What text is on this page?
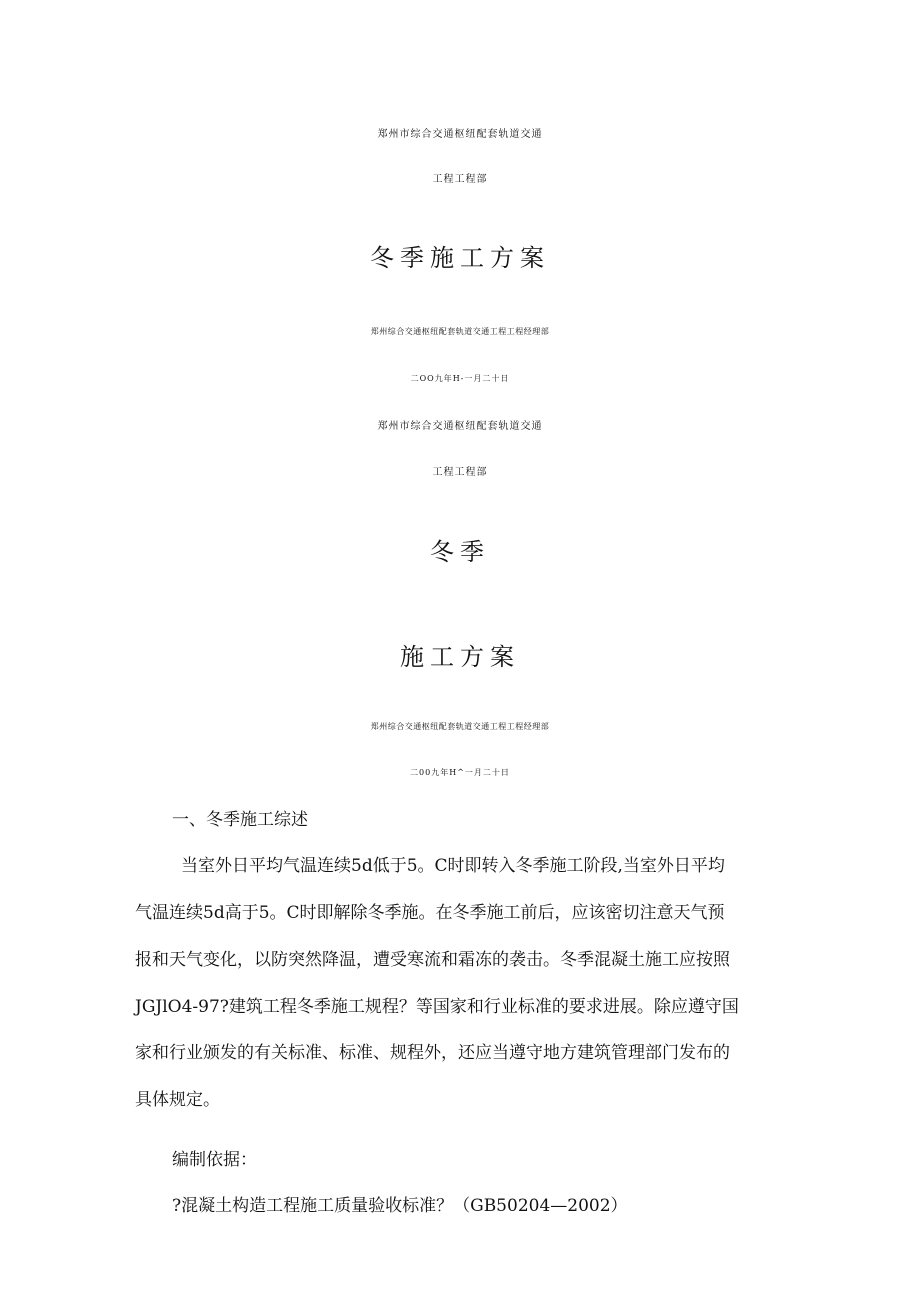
郑州市综合交通枢纽配套轨道交通
工程工程部
冬季施工方案
郑州综合交通枢纽配套轨道交通工程工程经理部
二OO九年H-一月二十日
郑州市综合交通枢纽配套轨道交通
工程工程部
冬季
施工方案
郑州综合交通枢纽配套轨道交通工程工程经理部
二00九年H^一月二十日
一、冬季施工综述
当室外日平均气温连续5d低于5。C时即转入冬季施工阶段,当室外日平均
气温连续5d高于5。C时即解除冬季施。在冬季施工前后，应该密切注意天气预
报和天气变化，以防突然降温，遭受寒流和霜冻的袭击。冬季混凝土施工应按照
JGJlO4-97?建筑工程冬季施工规程？等国家和行业标准的要求进展。除应遵守国
家和行业颁发的有关标准、标准、规程外，还应当遵守地方建筑管理部门发布的
具体规定。
编制依据：
?混凝土构造工程施工质量验收标准？（GB50204—2002）
